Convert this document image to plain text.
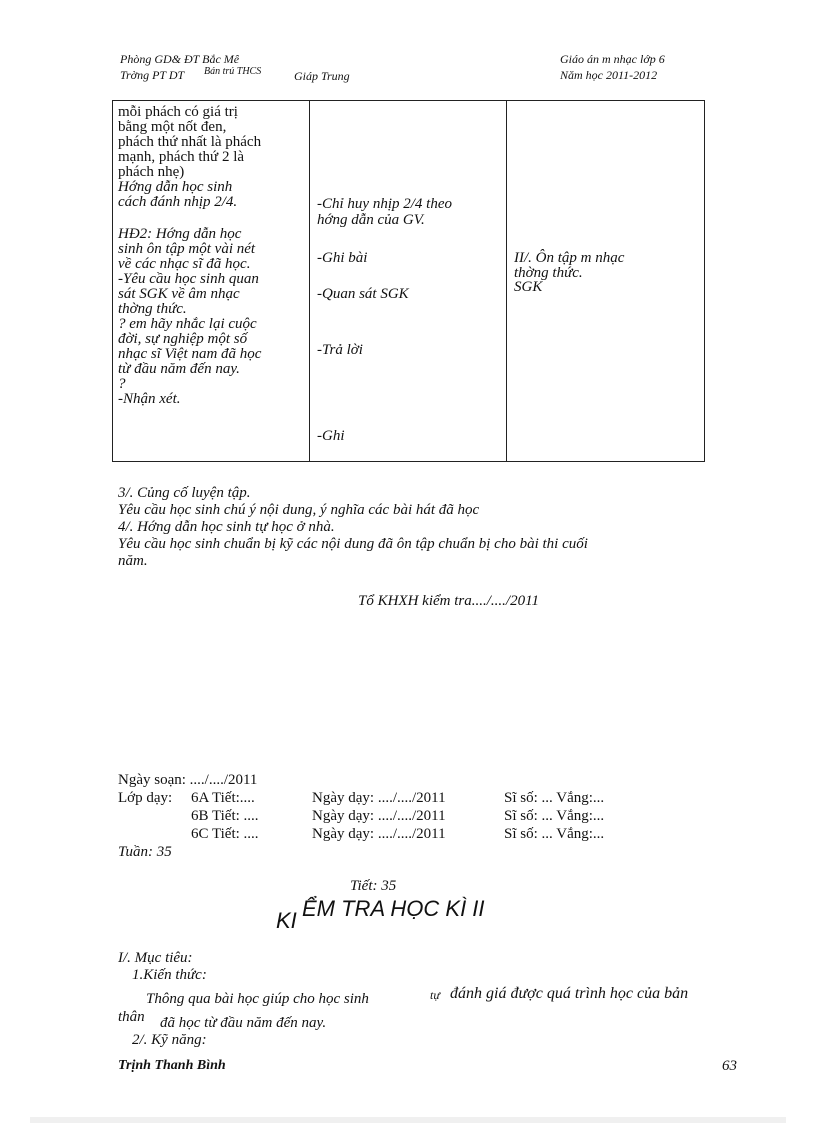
Phòng GD& ĐT Bắc Mê
Trờng PT DT Bán trú THCS	Giáp Trung
Giáo án m nhạc lớp 6
Năm học 2011-2012
mỗi phách có giá trị
bằng một nốt đen,
phách thứ nhất là phách
mạnh, phách thứ 2 là
phách nhẹ)
Hớng dẫn học sinh
cách đánh nhịp 2/4.
HĐ2: Hớng dẫn học
sinh ôn tập một vài nét
về các nhạc sĩ đã học.
-Yêu cầu học sinh quan
sát SGK về âm nhạc
thờng thức.
? em hãy nhắc lại cuộc
đời, sự nghiệp một số
nhạc sĩ Việt nam đã học
từ đầu năm đến nay.
?
-Nhận xét.

-Chỉ huy nhịp 2/4 theo
hớng dẫn của GV.
-Ghi bài
-Quan sát SGK
-Trả lời
-Ghi

II/. Ôn tập m nhạc
thờng thức.
SGK
3/. Củng cố luyện tập.
Yêu cầu học sinh chú ý nội dung, ý nghĩa các bài hát đã học
4/. Hớng dẫn học sinh tự học ở nhà.
Yêu cầu học sinh chuẩn bị kỹ các nội dung đã ôn tập chuẩn bị cho bài thi cuối
năm.
Tổ KHXH kiểm tra..../..../2011
Ngày soạn: ..../..../2011
Lớp dạy: 6A Tiết:....	Ngày dạy: ..../..../2011	Sĩ số: ... Vắng:...
6B Tiết: ....	Ngày dạy: ..../..../2011	Sĩ số: ... Vắng:...
6C Tiết: ....	Ngày dạy: ..../..../2011	Sĩ số: ... Vắng:...
Tuần: 35
Tiết: 35
KI ỂM TRA HỌC KÌ II
I/. Mục tiêu:
1.Kiến thức:
Thông qua bài học giúp cho học sinh	tự đánh giá được quá trình học của bản
thân đã học từ đầu năm đến nay.
2/. Kỹ năng:
Trịnh Thanh Bình	63
